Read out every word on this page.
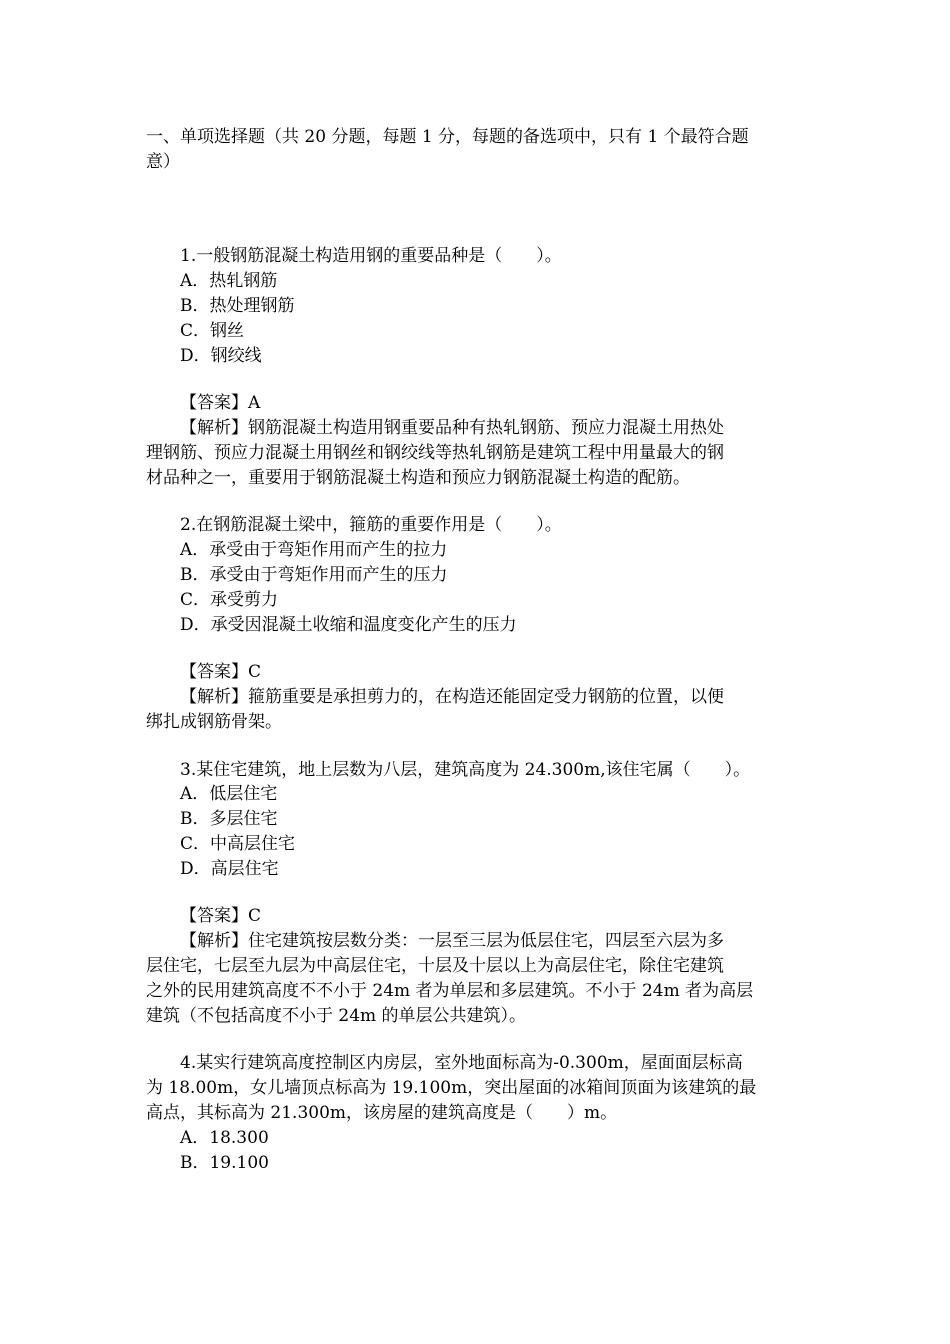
一、单项选择题（共 20 分题，每题 1 分，每题的备选项中，只有 1 个最符合题
意）
1.一般钢筋混凝土构造用钢的重要品种是（　　）。
A．热轧钢筋
B．热处理钢筋
C．钢丝
D．钢绞线
【答案】A
【解析】钢筋混凝土构造用钢重要品种有热轧钢筋、预应力混凝土用热处
理钢筋、预应力混凝土用钢丝和钢绞线等热轧钢筋是建筑工程中用量最大的钢
材品种之一，重要用于钢筋混凝土构造和预应力钢筋混凝土构造的配筋。
2.在钢筋混凝土梁中，箍筋的重要作用是（　　）。
A．承受由于弯矩作用而产生的拉力
B．承受由于弯矩作用而产生的压力
C．承受剪力
D．承受因混凝土收缩和温度变化产生的压力
【答案】C
【解析】箍筋重要是承担剪力的，在构造还能固定受力钢筋的位置，以便
绑扎成钢筋骨架。
3.某住宅建筑，地上层数为八层，建筑高度为 24.300m,该住宅属（　　）。
A．低层住宅
B．多层住宅
C．中高层住宅
D．高层住宅
【答案】C
【解析】住宅建筑按层数分类：一层至三层为低层住宅，四层至六层为多
层住宅，七层至九层为中高层住宅，十层及十层以上为高层住宅，除住宅建筑
之外的民用建筑高度不不小于 24m 者为单层和多层建筑。不小于 24m 者为高层
建筑（不包括高度不小于 24m 的单层公共建筑）。
4.某实行建筑高度控制区内房层，室外地面标高为-0.300m，屋面面层标高
为 18.00m，女儿墙顶点标高为 19.100m，突出屋面的冰箱间顶面为该建筑的最
高点，其标高为 21.300m，该房屋的建筑高度是（　　）m。
A．18.300
B．19.100
